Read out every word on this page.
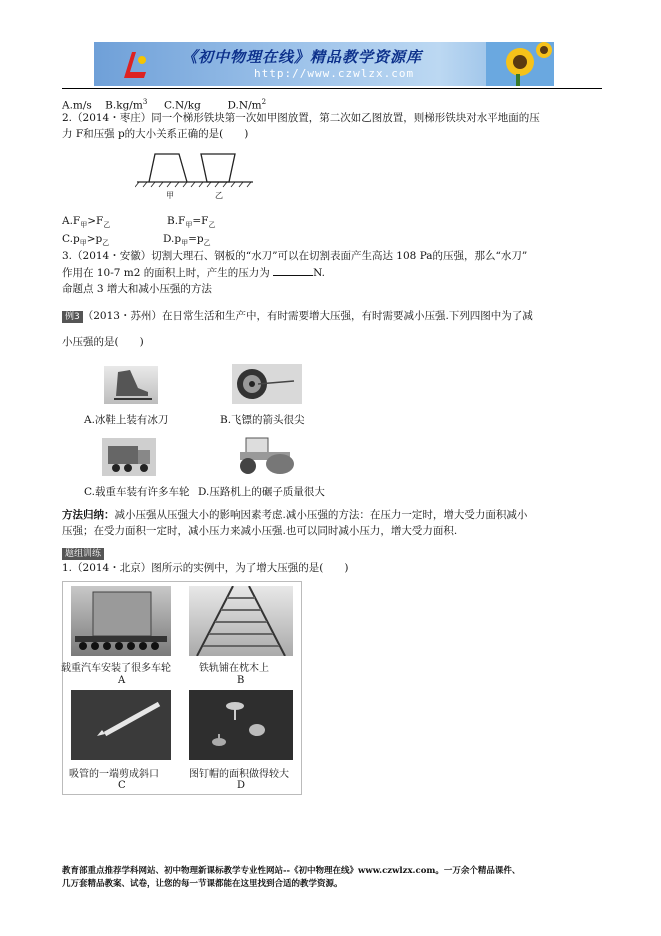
《初中物理在线》精品教学资源库
http://www.czwlzx.com
A.m/s $B.kg/m^3$ C.N/kg	$D.N/m^2$
2.（2014・枣庄）同一个梯形铁块第一次如甲图放置，第二次如乙图放置，则梯形铁块对水平地面的压
力 F和压强 p的大小关系正确的是(　　)
甲	乙
$A.F_甲>F_乙$	$B.F_甲=F_乙$
$C.p_甲>p_乙$	$D.p_甲=p_乙$
3.（2014・安徽）切割大理石、钢板的“水刀”可以在切割表面产生高达 108 Pa的压强，那么“水刀”
作用在 10-7 m2 的面积上时，产生的压力为	N.
命题点 3 增大和减小压强的方法
例3 （2013・苏州）在日常生活和生产中，有时需要增大压强，有时需要减小压强.下列四图中为了减
小压强的是(　　)
A.冰鞋上装有冰刀	B.飞镖的箭头很尖
C.载重车装有许多车轮 D.压路机上的碾子质量很大
方法归纳：减小压强从压强大小的影响因素考虑.减小压强的方法：在压力一定时，增大受力面积减小
压强；在受力面积一定时，减小压力来减小压强.也可以同时减小压力，增大受力面积.
题组训练
1.（2014・北京）图所示的实例中，为了增大压强的是(　　)
载重汽车安装了很多车轮	铁轨铺在枕木上
A	B
吸管的一端剪成斜口	图钉帽的面积做得较大
C	D
教育部重点推荐学科网站、初中物理新课标教学专业性网站--《初中物理在线》www.czwlzx.com。一万余个精品课件、
几万套精品教案、试卷，让您的每一节课都能在这里找到合适的教学资源。
